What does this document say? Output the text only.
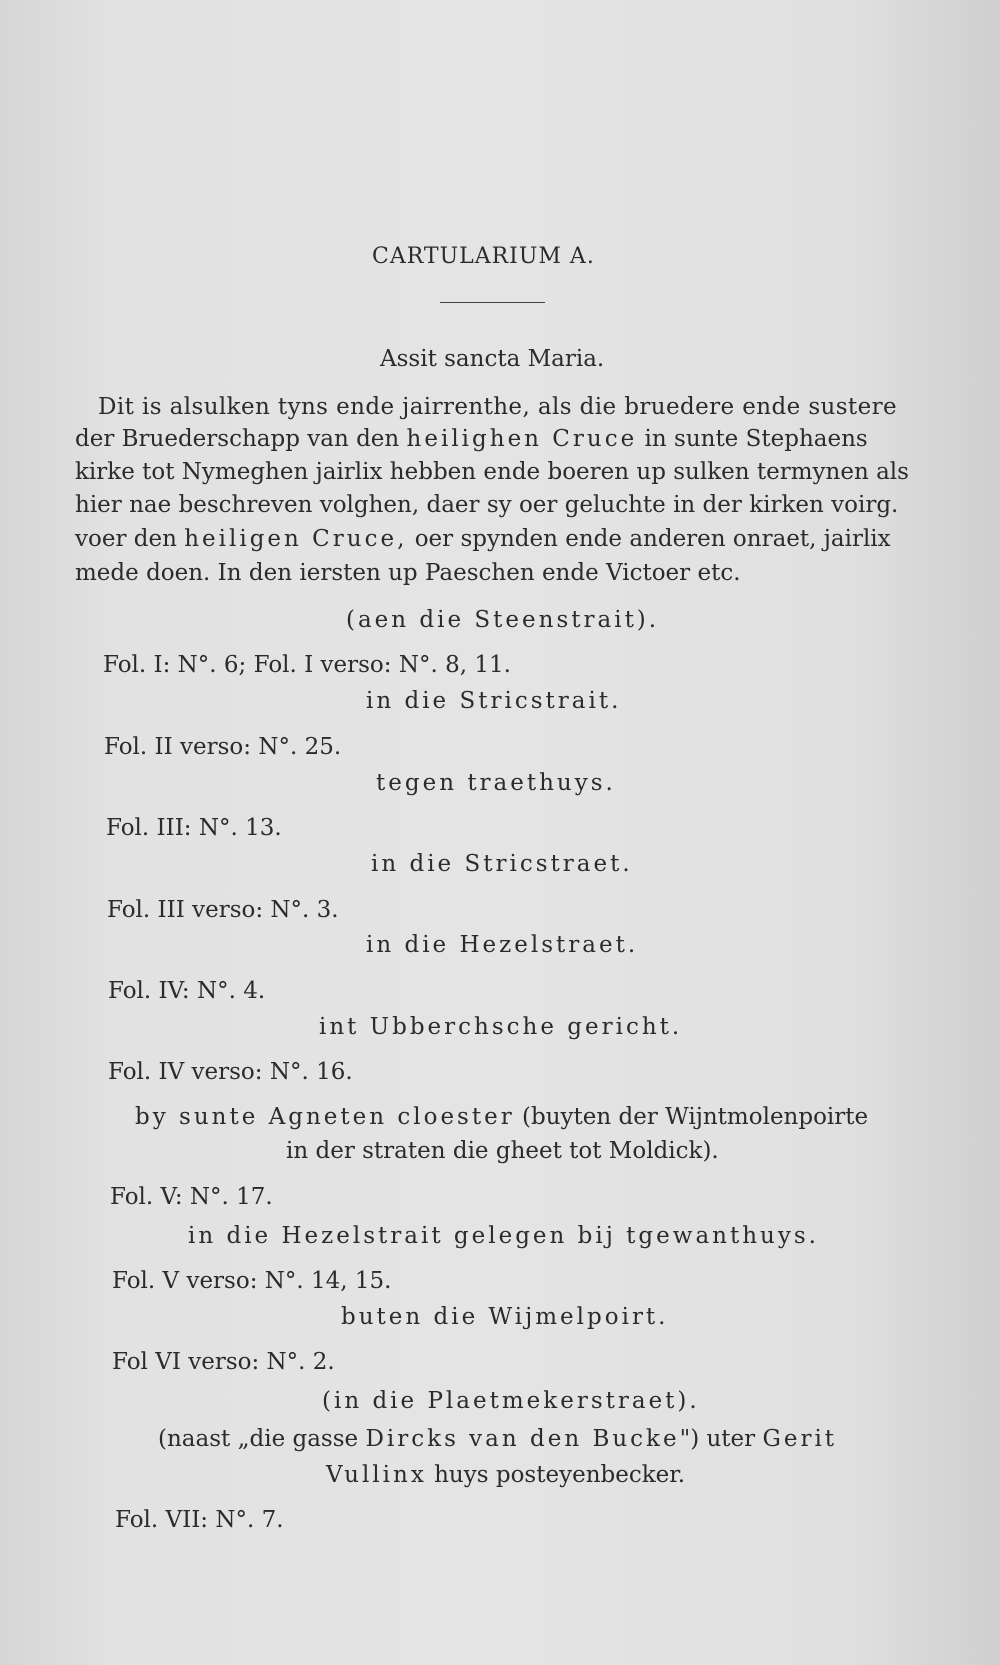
CARTULARIUM A.
Assit sancta Maria.
Dit is alsulken tyns ende jairrenthe, als die bruedere ende sustere
der Bruederschapp van den heilighen Cruce in sunte Stephaens
kirke tot Nymeghen jairlix hebben ende boeren up sulken termynen als
hier nae beschreven volghen, daer sy oer geluchte in der kirken voirg.
voer den heiligen Cruce, oer spynden ende anderen onraet, jairlix
mede doen. In den iersten up Paeschen ende Victoer etc.
(aen die Steenstrait).
Fol. I: N°. 6; Fol. I verso: N°. 8, 11.
in die Stricstrait.
Fol. II verso: N°. 25.
tegen traethuys.
Fol. III: N°. 13.
in die Stricstraet.
Fol. III verso: N°. 3.
in die Hezelstraet.
Fol. IV: N°. 4.
int Ubberchsche gericht.
Fol. IV verso: N°. 16.
by sunte Agneten cloester (buyten der Wijntmolenpoirte
in der straten die gheet tot Moldick).
Fol. V: N°. 17.
in die Hezelstrait gelegen bij tgewanthuys.
Fol. V verso: N°. 14, 15.
buten die Wijmelpoirt.
Fol VI verso: N°. 2.
(in die Plaetmekerstraet).
(naast „die gasse Dircks van den Bucke") uter Gerit
Vullinx huys posteyenbecker.
Fol. VII: N°. 7.
